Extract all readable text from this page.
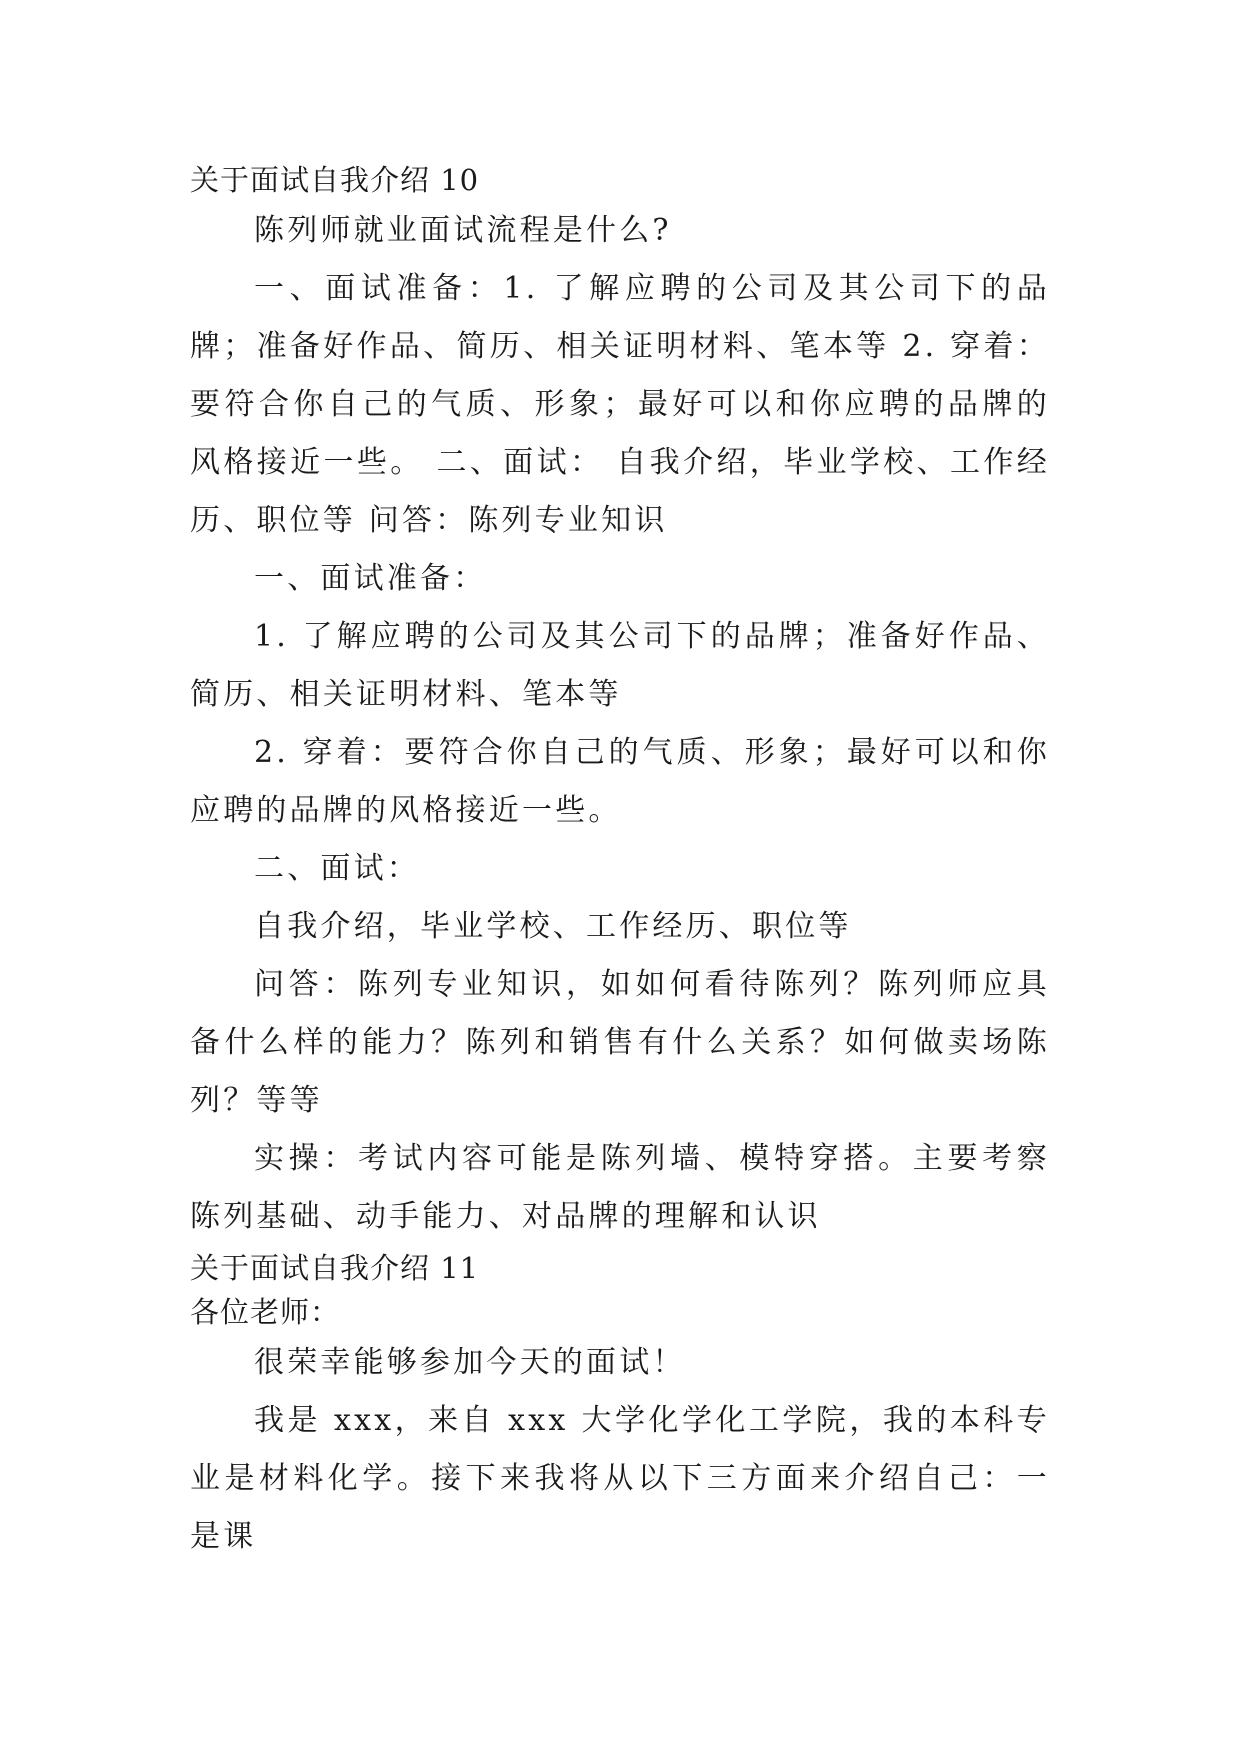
关于面试自我介绍 10
陈列师就业面试流程是什么?
一、面试准备：1. 了解应聘的公司及其公司下的品牌；准备好作品、简历、相关证明材料、笔本等 2. 穿着：要符合你自己的气质、形象；最好可以和你应聘的品牌的风格接近一些。 二、面试： 自我介绍，毕业学校、工作经历、职位等 问答：陈列专业知识
一、面试准备：
1. 了解应聘的公司及其公司下的品牌；准备好作品、简历、相关证明材料、笔本等
2. 穿着：要符合你自己的气质、形象；最好可以和你应聘的品牌的风格接近一些。
二、面试：
自我介绍，毕业学校、工作经历、职位等
问答：陈列专业知识，如如何看待陈列？陈列师应具备什么样的能力？陈列和销售有什么关系？如何做卖场陈列？等等
实操：考试内容可能是陈列墙、模特穿搭。主要考察陈列基础、动手能力、对品牌的理解和认识
关于面试自我介绍 11
各位老师：
很荣幸能够参加今天的面试！
我是 xxx，来自 xxx 大学化学化工学院，我的本科专业是材料化学。接下来我将从以下三方面来介绍自己：一是课
